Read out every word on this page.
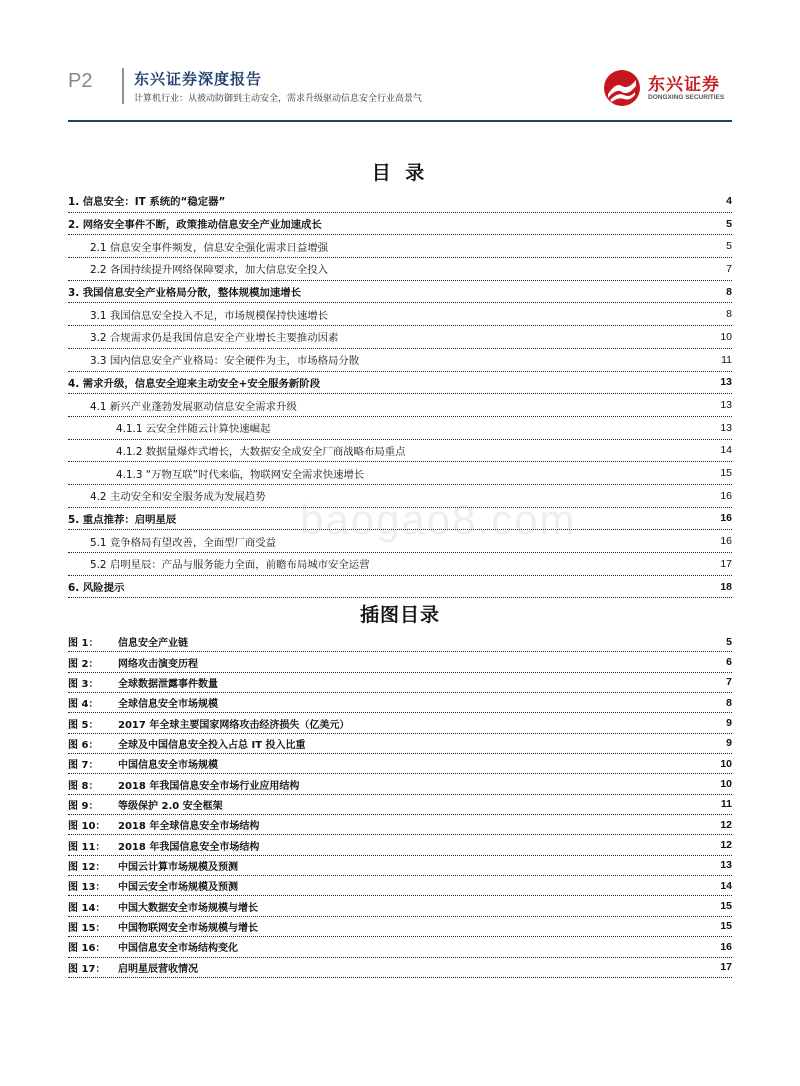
P2	东兴证券深度报告
计算机行业：从被动防御到主动安全，需求升级驱动信息安全行业高景气
东兴证券
DONGXING SECURITIES
目 录
1. 信息安全：IT 系统的“稳定器”	4
2. 网络安全事件不断，政策推动信息安全产业加速成长	5
2.1 信息安全事件频发，信息安全强化需求日益增强	5
2.2 各国持续提升网络保障要求，加大信息安全投入	7
3. 我国信息安全产业格局分散，整体规模加速增长	8
3.1 我国信息安全投入不足，市场规模保持快速增长	8
3.2 合规需求仍是我国信息安全产业增长主要推动因素	10
3.3 国内信息安全产业格局：安全硬件为主，市场格局分散	11
4. 需求升级，信息安全迎来主动安全+安全服务新阶段	13
4.1 新兴产业蓬勃发展驱动信息安全需求升级	13
4.1.1 云安全伴随云计算快速崛起	13
4.1.2 数据量爆炸式增长，大数据安全成安全厂商战略布局重点	14
4.1.3 “万物互联”时代来临，物联网安全需求快速增长	15
4.2 主动安全和安全服务成为发展趋势	16
5. 重点推荐：启明星辰	16
5.1 竞争格局有望改善，全面型厂商受益	16
5.2 启明星辰：产品与服务能力全面，前瞻布局城市安全运营	17
6. 风险提示	18
插图目录
图 1：	信息安全产业链	5
图 2：	网络攻击演变历程	6
图 3：	全球数据泄露事件数量	7
图 4：	全球信息安全市场规模	8
图 5：	2017 年全球主要国家网络攻击经济损失（亿美元）	9
图 6：	全球及中国信息安全投入占总 IT 投入比重	9
图 7：	中国信息安全市场规模	10
图 8：	2018 年我国信息安全市场行业应用结构	10
图 9：	等级保护 2.0 安全框架	11
图 10：	2018 年全球信息安全市场结构	12
图 11：	2018 年我国信息安全市场结构	12
图 12：	中国云计算市场规模及预测	13
图 13：	中国云安全市场规模及预测	14
图 14：	中国大数据安全市场规模与增长	15
图 15：	中国物联网安全市场规模与增长	15
图 16：	中国信息安全市场结构变化	16
图 17：	启明星辰营收情况	17
baogao8.com
